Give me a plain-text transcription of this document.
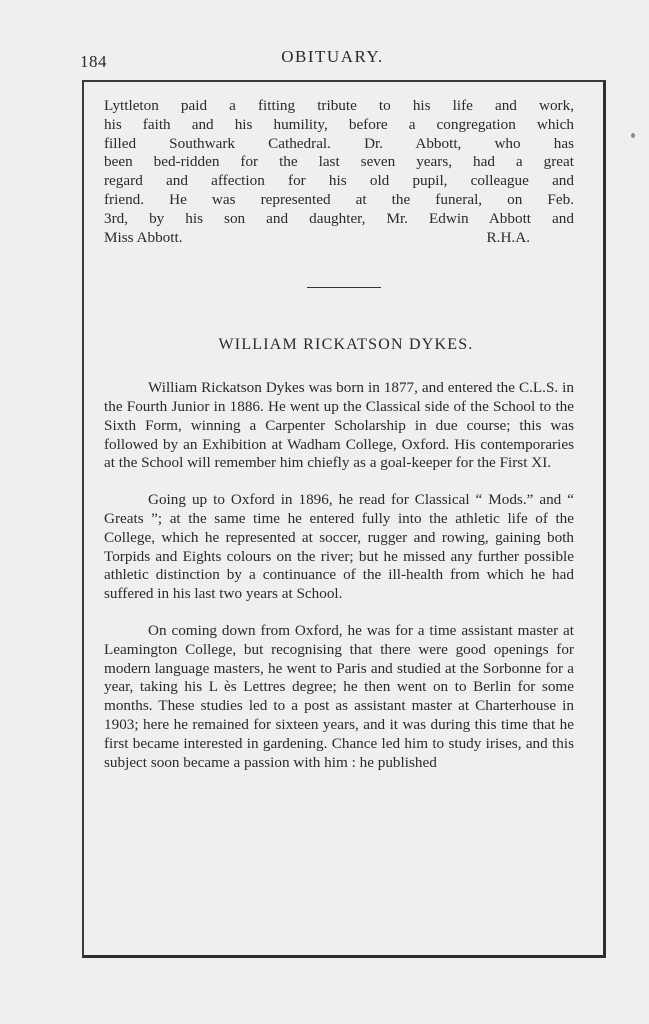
184	OBITUARY.
Lyttleton paid a fitting tribute to his life and work,
his faith and his humility, before a congregation which
filled Southwark Cathedral. Dr. Abbott, who has
been bed-ridden for the last seven years, had a great
regard and affection for his old pupil, colleague and
friend. He was represented at the funeral, on Feb.
3rd, by his son and daughter, Mr. Edwin Abbott and
Miss Abbott.	R.H.A.
WILLIAM RICKATSON DYKES.

William Rickatson Dykes was born in 1877, and entered the C.L.S. in the Fourth Junior in 1886. He went up the Classical side of the School to the Sixth Form, winning a Carpenter Scholarship in due course; this was followed by an Exhibition at Wadham College, Oxford. His contemporaries at the School will remember him chiefly as a goal-keeper for the First XI.

Going up to Oxford in 1896, he read for Classical “ Mods.” and “ Greats ”; at the same time he entered fully into the athletic life of the College, which he represented at soccer, rugger and rowing, gaining both Torpids and Eights colours on the river; but he missed any further possible athletic distinction by a continuance of the ill-health from which he had suffered in his last two years at School.

On coming down from Oxford, he was for a time assistant master at Leamington College, but recognising that there were good openings for modern language masters, he went to Paris and studied at the Sorbonne for a year, taking his L ès Lettres degree; he then went on to Berlin for some months. These studies led to a post as assistant master at Charterhouse in 1903; here he remained for sixteen years, and it was during this time that he first became interested in gardening. Chance led him to study irises, and this subject soon became a passion with him : he published
